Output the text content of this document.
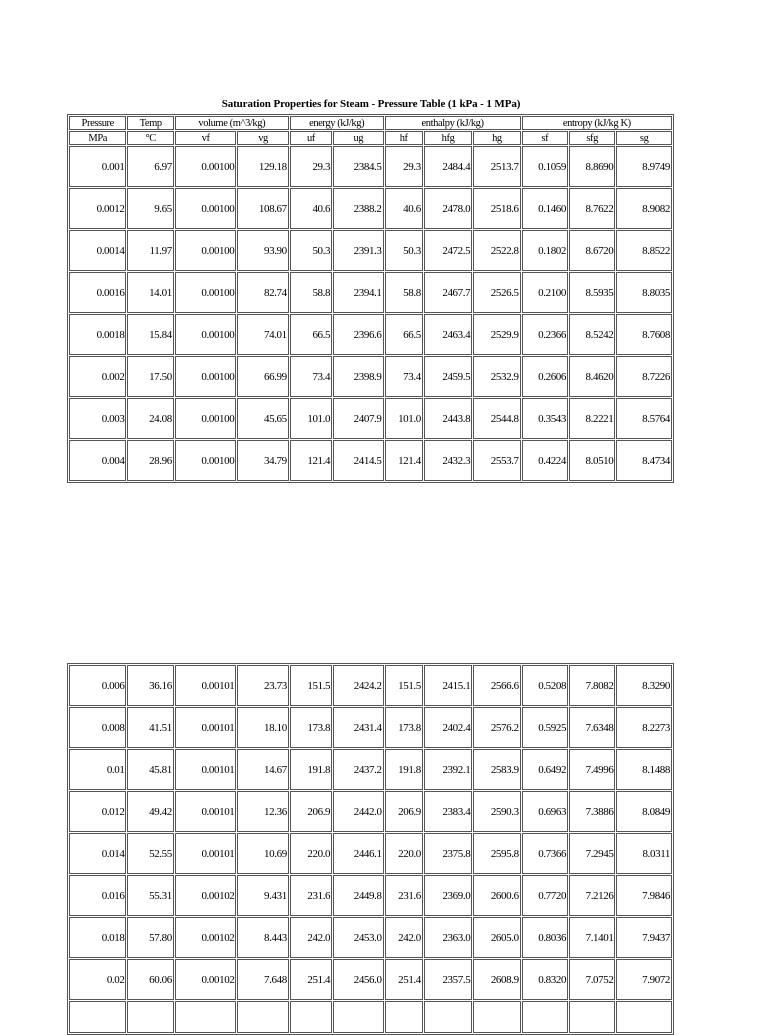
Saturation Properties for Steam - Pressure Table (1 kPa - 1 MPa)
Pressure	Temp	volume (m^3/kg)		energy (kJ/kg)		enthalpy (kJ/kg)			entropy (kJ/kg K)		
MPa	°C	vf	vg	uf	ug	hf	hfg	hg	sf	sfg	sg
0.001	6.97	0.00100	129.18	29.3	2384.5	29.3	2484.4	2513.7	0.1059	8.8690	8.9749
0.0012	9.65	0.00100	108.67	40.6	2388.2	40.6	2478.0	2518.6	0.1460	8.7622	8.9082
0.0014	11.97	0.00100	93.90	50.3	2391.3	50.3	2472.5	2522.8	0.1802	8.6720	8.8522
0.0016	14.01	0.00100	82.74	58.8	2394.1	58.8	2467.7	2526.5	0.2100	8.5935	8.8035
0.0018	15.84	0.00100	74.01	66.5	2396.6	66.5	2463.4	2529.9	0.2366	8.5242	8.7608
0.002	17.50	0.00100	66.99	73.4	2398.9	73.4	2459.5	2532.9	0.2606	8.4620	8.7226
0.003	24.08	0.00100	45.65	101.0	2407.9	101.0	2443.8	2544.8	0.3543	8.2221	8.5764
0.004	28.96	0.00100	34.79	121.4	2414.5	121.4	2432.3	2553.7	0.4224	8.0510	8.4734
0.006	36.16	0.00101	23.73	151.5	2424.2	151.5	2415.1	2566.6	0.5208	7.8082	8.3290
0.008	41.51	0.00101	18.10	173.8	2431.4	173.8	2402.4	2576.2	0.5925	7.6348	8.2273
0.01	45.81	0.00101	14.67	191.8	2437.2	191.8	2392.1	2583.9	0.6492	7.4996	8.1488
0.012	49.42	0.00101	12.36	206.9	2442.0	206.9	2383.4	2590.3	0.6963	7.3886	8.0849
0.014	52.55	0.00101	10.69	220.0	2446.1	220.0	2375.8	2595.8	0.7366	7.2945	8.0311
0.016	55.31	0.00102	9.431	231.6	2449.8	231.6	2369.0	2600.6	0.7720	7.2126	7.9846
0.018	57.80	0.00102	8.443	242.0	2453.0	242.0	2363.0	2605.0	0.8036	7.1401	7.9437
0.02	60.06	0.00102	7.648	251.4	2456.0	251.4	2357.5	2608.9	0.8320	7.0752	7.9072
